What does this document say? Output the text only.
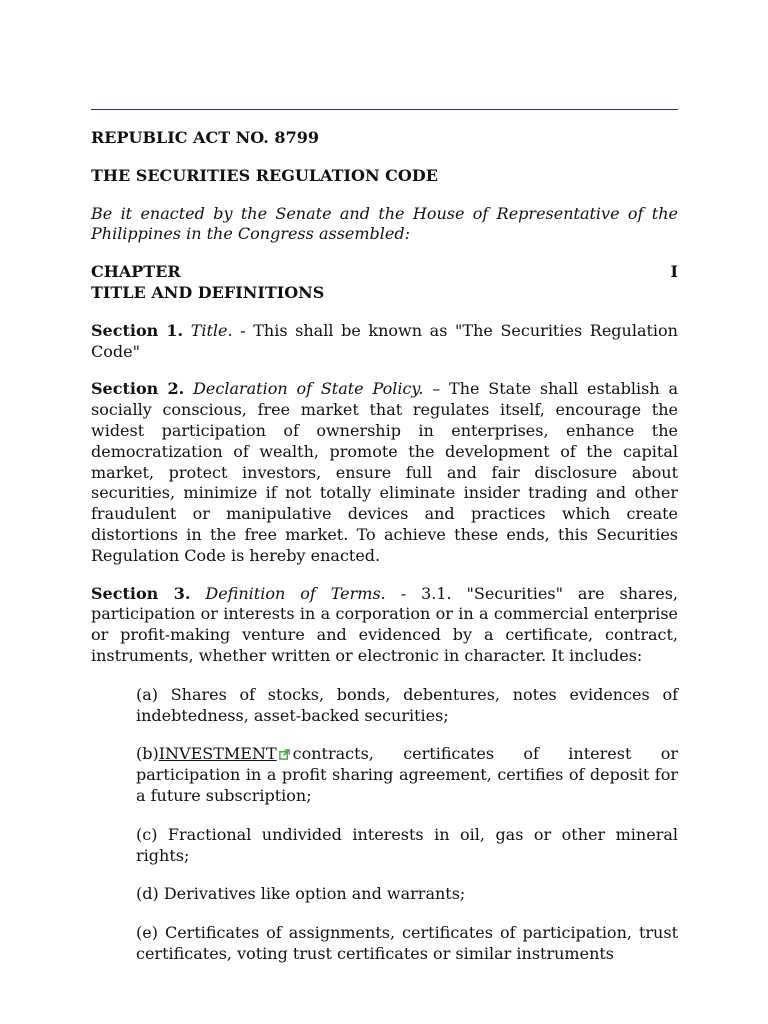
REPUBLIC ACT NO. 8799

THE SECURITIES REGULATION CODE

Be it enacted by the Senate and the House of Representative of the Philippines in the Congress assembled:

CHAPTER	I

TITLE AND DEFINITIONS

Section 1. Title. - This shall be known as "The Securities Regulation Code"

Section 2. Declaration of State Policy. – The State shall establish a socially conscious, free market that regulates itself, encourage the widest participation of ownership in enterprises, enhance the democratization of wealth, promote the development of the capital market, protect investors, ensure full and fair disclosure about securities, minimize if not totally eliminate insider trading and other fraudulent or manipulative devices and practices which create distortions in the free market. To achieve these ends, this Securities Regulation Code is hereby enacted.

Section 3. Definition of Terms. - 3.1. "Securities" are shares, participation or interests in a corporation or in a commercial enterprise or profit-making venture and evidenced by a certificate, contract, instruments, whether written or electronic in character. It includes:

(a) Shares of stocks, bonds, debentures, notes evidences of indebtedness, asset-backed securities;

(b)INVESTMENT contracts, certificates of interest or participation in a profit sharing agreement, certifies of deposit for a future subscription;

(c) Fractional undivided interests in oil, gas or other mineral rights;

(d) Derivatives like option and warrants;

(e) Certificates of assignments, certificates of participation, trust certificates, voting trust certificates or similar instruments
